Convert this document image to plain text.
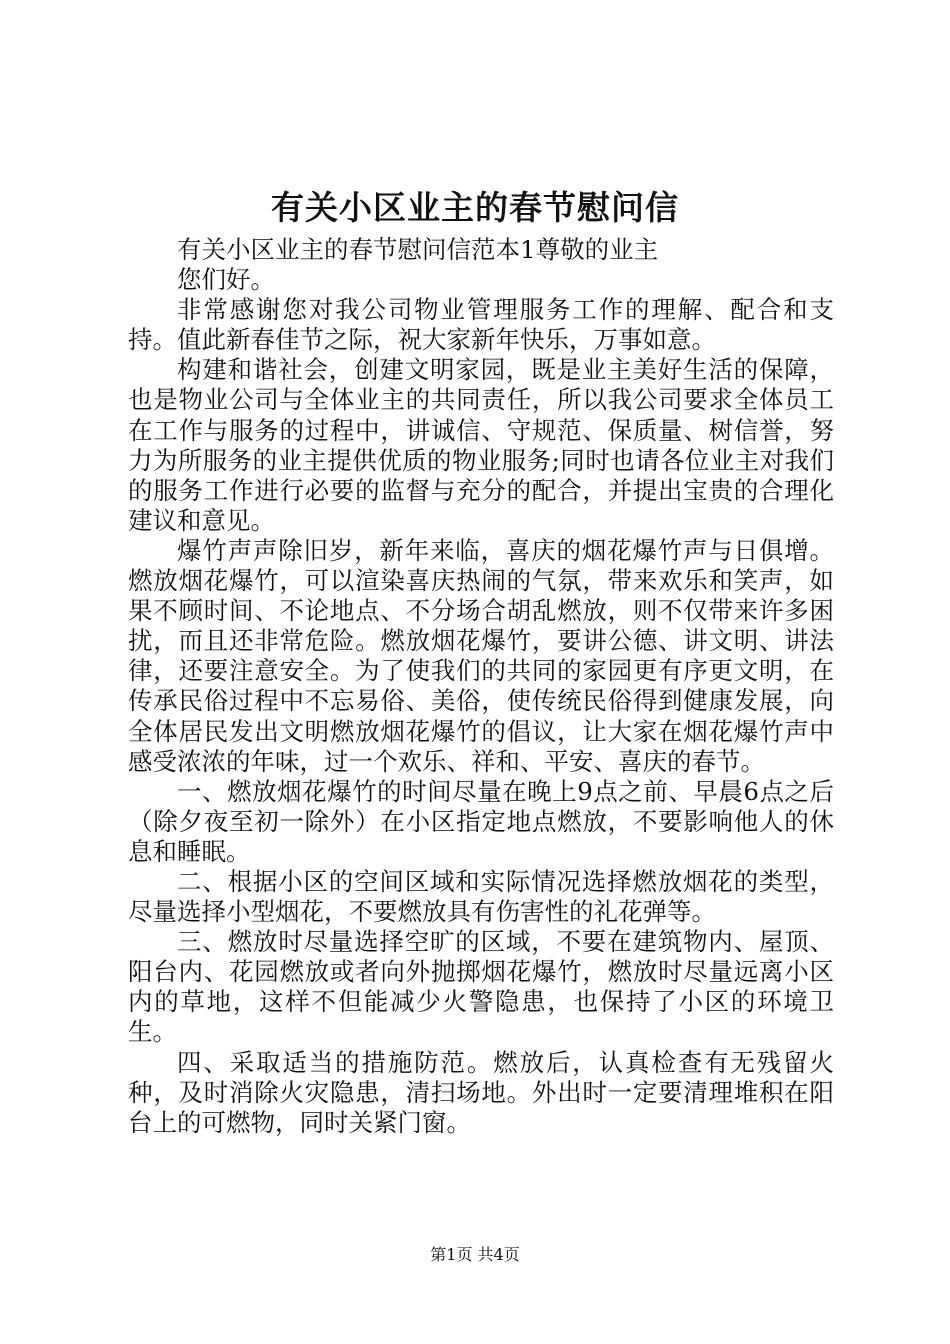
有关小区业主的春节慰问信

有关小区业主的春节慰问信范本1尊敬的业主

您们好。

非常感谢您对我公司物业管理服务工作的理解、配合和支持。值此新春佳节之际，祝大家新年快乐，万事如意。

构建和谐社会，创建文明家园，既是业主美好生活的保障，也是物业公司与全体业主的共同责任，所以我公司要求全体员工在工作与服务的过程中，讲诚信、守规范、保质量、树信誉，努力为所服务的业主提供优质的物业服务;同时也请各位业主对我们的服务工作进行必要的监督与充分的配合，并提出宝贵的合理化建议和意见。

爆竹声声除旧岁，新年来临，喜庆的烟花爆竹声与日俱增。燃放烟花爆竹，可以渲染喜庆热闹的气氛，带来欢乐和笑声，如果不顾时间、不论地点、不分场合胡乱燃放，则不仅带来许多困扰，而且还非常危险。燃放烟花爆竹，要讲公德、讲文明、讲法律，还要注意安全。为了使我们的共同的家园更有序更文明，在传承民俗过程中不忘易俗、美俗，使传统民俗得到健康发展，向全体居民发出文明燃放烟花爆竹的倡议，让大家在烟花爆竹声中感受浓浓的年味，过一个欢乐、祥和、平安、喜庆的春节。

一、燃放烟花爆竹的时间尽量在晚上9点之前、早晨6点之后（除夕夜至初一除外）在小区指定地点燃放，不要影响他人的休息和睡眠。

二、根据小区的空间区域和实际情况选择燃放烟花的类型，尽量选择小型烟花，不要燃放具有伤害性的礼花弹等。

三、燃放时尽量选择空旷的区域，不要在建筑物内、屋顶、阳台内、花园燃放或者向外抛掷烟花爆竹，燃放时尽量远离小区内的草地，这样不但能减少火警隐患，也保持了小区的环境卫生。

四、采取适当的措施防范。燃放后，认真检查有无残留火种，及时消除火灾隐患，清扫场地。外出时一定要清理堆积在阳台上的可燃物，同时关紧门窗。

第1页 共4页
